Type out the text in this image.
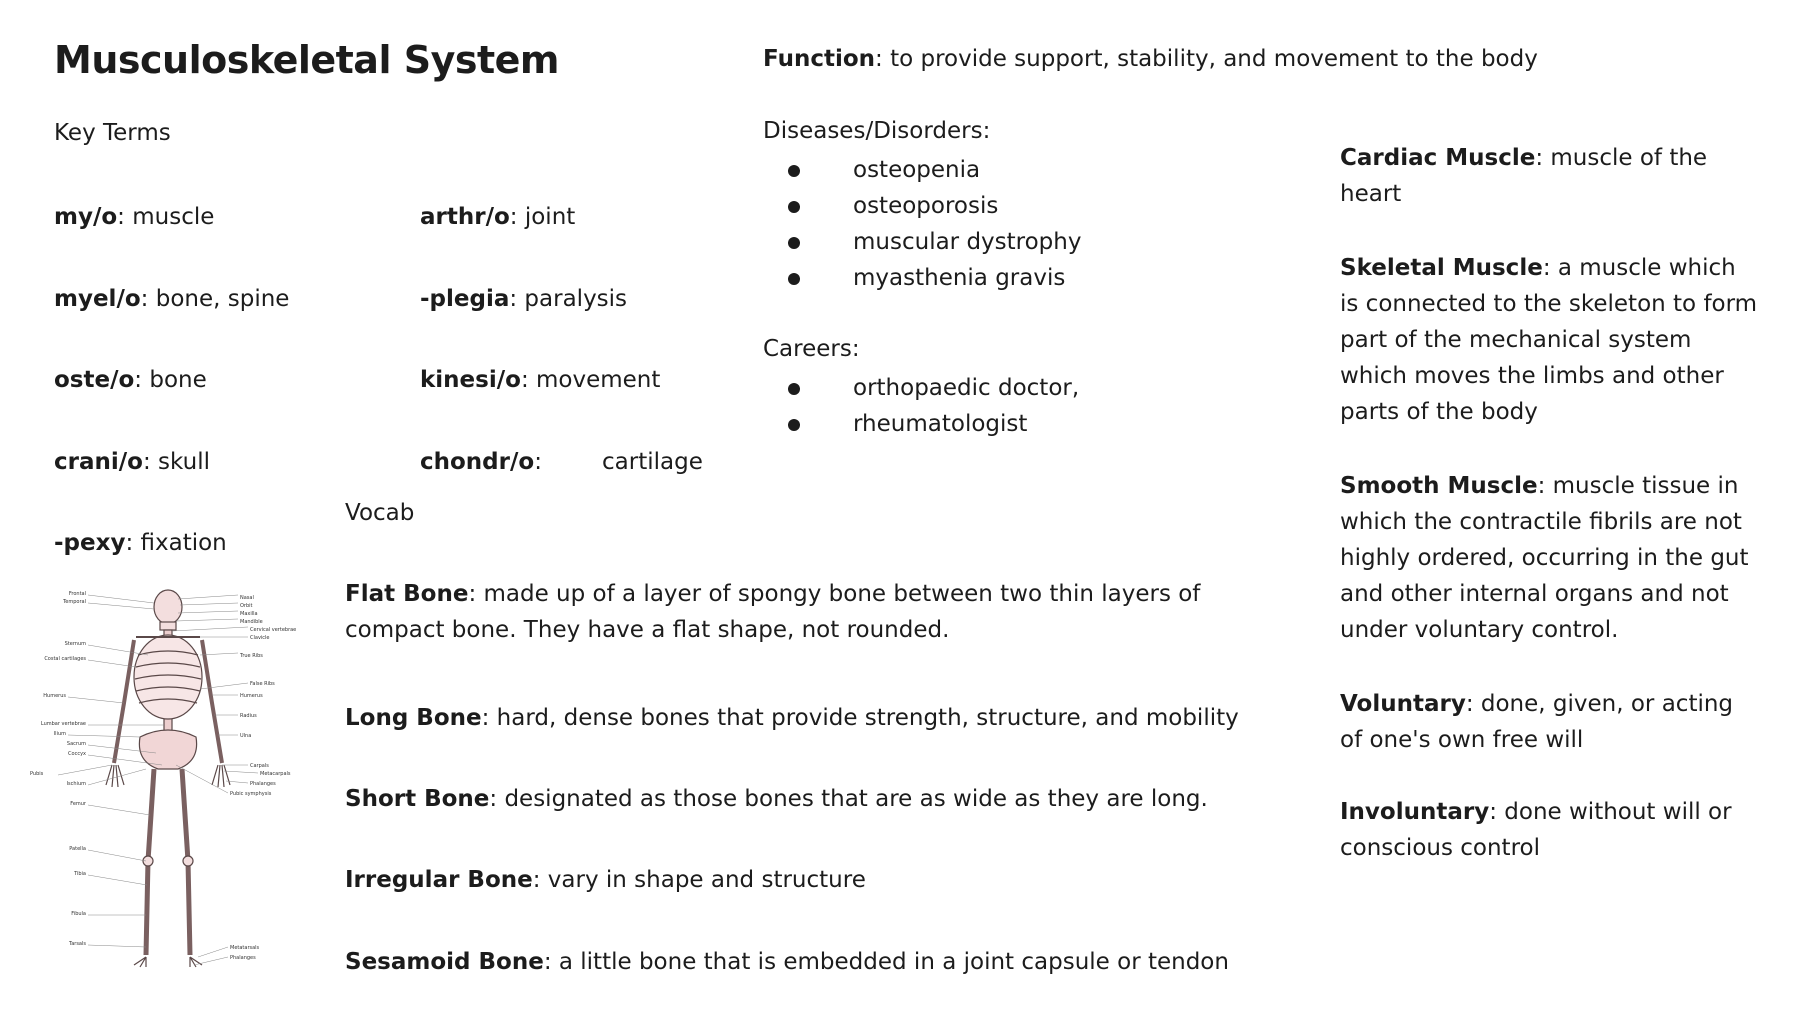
Musculoskeletal System
Key Terms
my/o: muscle
myel/o: bone, spine
oste/o: bone
crani/o: skull
-pexy: fixation
arthr/o: joint
-plegia: paralysis
kinesi/o: movement
chondr/o:	cartilage
Function: to provide support, stability, and movement to the body
Diseases/Disorders:
osteopenia
osteoporosis
muscular dystrophy
myasthenia gravis
Careers:
orthopaedic doctor,
rheumatologist
Vocab
Flat Bone: made up of a layer of spongy bone between two thin layers of compact bone. They have a flat shape, not rounded.
Long Bone: hard, dense bones that provide strength, structure, and mobility
Short Bone: designated as those bones that are as wide as they are long.
Irregular Bone: vary in shape and structure
Sesamoid Bone: a little bone that is embedded in a joint capsule or tendon
Cardiac Muscle: muscle of the heart
Skeletal Muscle: a muscle which is connected to the skeleton to form part of the mechanical system which moves the limbs and other parts of the body
Smooth Muscle: muscle tissue in which the contractile fibrils are not highly ordered, occurring in the gut and other internal organs and not under voluntary control.
Voluntary: done, given, or acting of one's own free will
Involuntary: done without will or conscious control
Frontal
Temporal
Sternum
Costal cartilages
Humerus
Lumbar vertebrae
Ilium
Sacrum
Coccyx
Pubis
Ischium
Femur
Patella
Tibia
Fibula
Tarsals
Nasal
Orbit
Maxilla
Mandible
Cervical vertebrae
Clavicle
True Ribs
Humerus
False Ribs
Radius
Ulna
Carpals
Metacarpals
Phalanges
Pubic symphysis
Metatarsals
Phalanges
